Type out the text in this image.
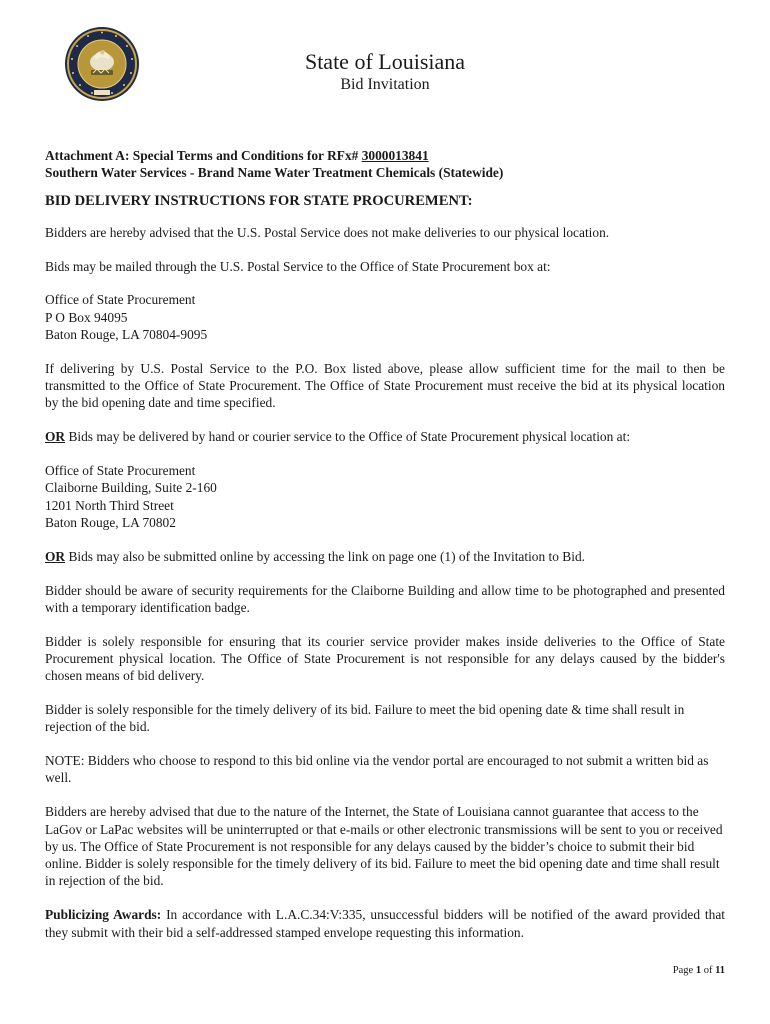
State of Louisiana
Bid Invitation

Attachment A: Special Terms and Conditions for RFx# 3000013841

Southern Water Services - Brand Name Water Treatment Chemicals (Statewide)

BID DELIVERY INSTRUCTIONS FOR STATE PROCUREMENT:

Bidders are hereby advised that the U.S. Postal Service does not make deliveries to our physical location.

Bids may be mailed through the U.S. Postal Service to the Office of State Procurement box at:

Office of State Procurement

P O Box 94095

Baton Rouge, LA 70804-9095

If delivering by U.S. Postal Service to the P.O. Box listed above, please allow sufficient time for the mail to then be transmitted to the Office of State Procurement. The Office of State Procurement must receive the bid at its physical location by the bid opening date and time specified.

OR Bids may be delivered by hand or courier service to the Office of State Procurement physical location at:

Office of State Procurement

Claiborne Building, Suite 2-160

1201 North Third Street

Baton Rouge, LA 70802

OR Bids may also be submitted online by accessing the link on page one (1) of the Invitation to Bid.

Bidder should be aware of security requirements for the Claiborne Building and allow time to be photographed and presented with a temporary identification badge.

Bidder is solely responsible for ensuring that its courier service provider makes inside deliveries to the Office of State Procurement physical location. The Office of State Procurement is not responsible for any delays caused by the bidder's chosen means of bid delivery.

Bidder is solely responsible for the timely delivery of its bid. Failure to meet the bid opening date & time shall result in rejection of the bid.

NOTE: Bidders who choose to respond to this bid online via the vendor portal are encouraged to not submit a written bid as well.

Bidders are hereby advised that due to the nature of the Internet, the State of Louisiana cannot guarantee that access to the LaGov or LaPac websites will be uninterrupted or that e-mails or other electronic transmissions will be sent to you or received by us. The Office of State Procurement is not responsible for any delays caused by the bidder’s choice to submit their bid online. Bidder is solely responsible for the timely delivery of its bid. Failure to meet the bid opening date and time shall result in rejection of the bid.

Publicizing Awards: In accordance with L.A.C.34:V:335, unsuccessful bidders will be notified of the award provided that they submit with their bid a self-addressed stamped envelope requesting this information.

Page 1 of 11
